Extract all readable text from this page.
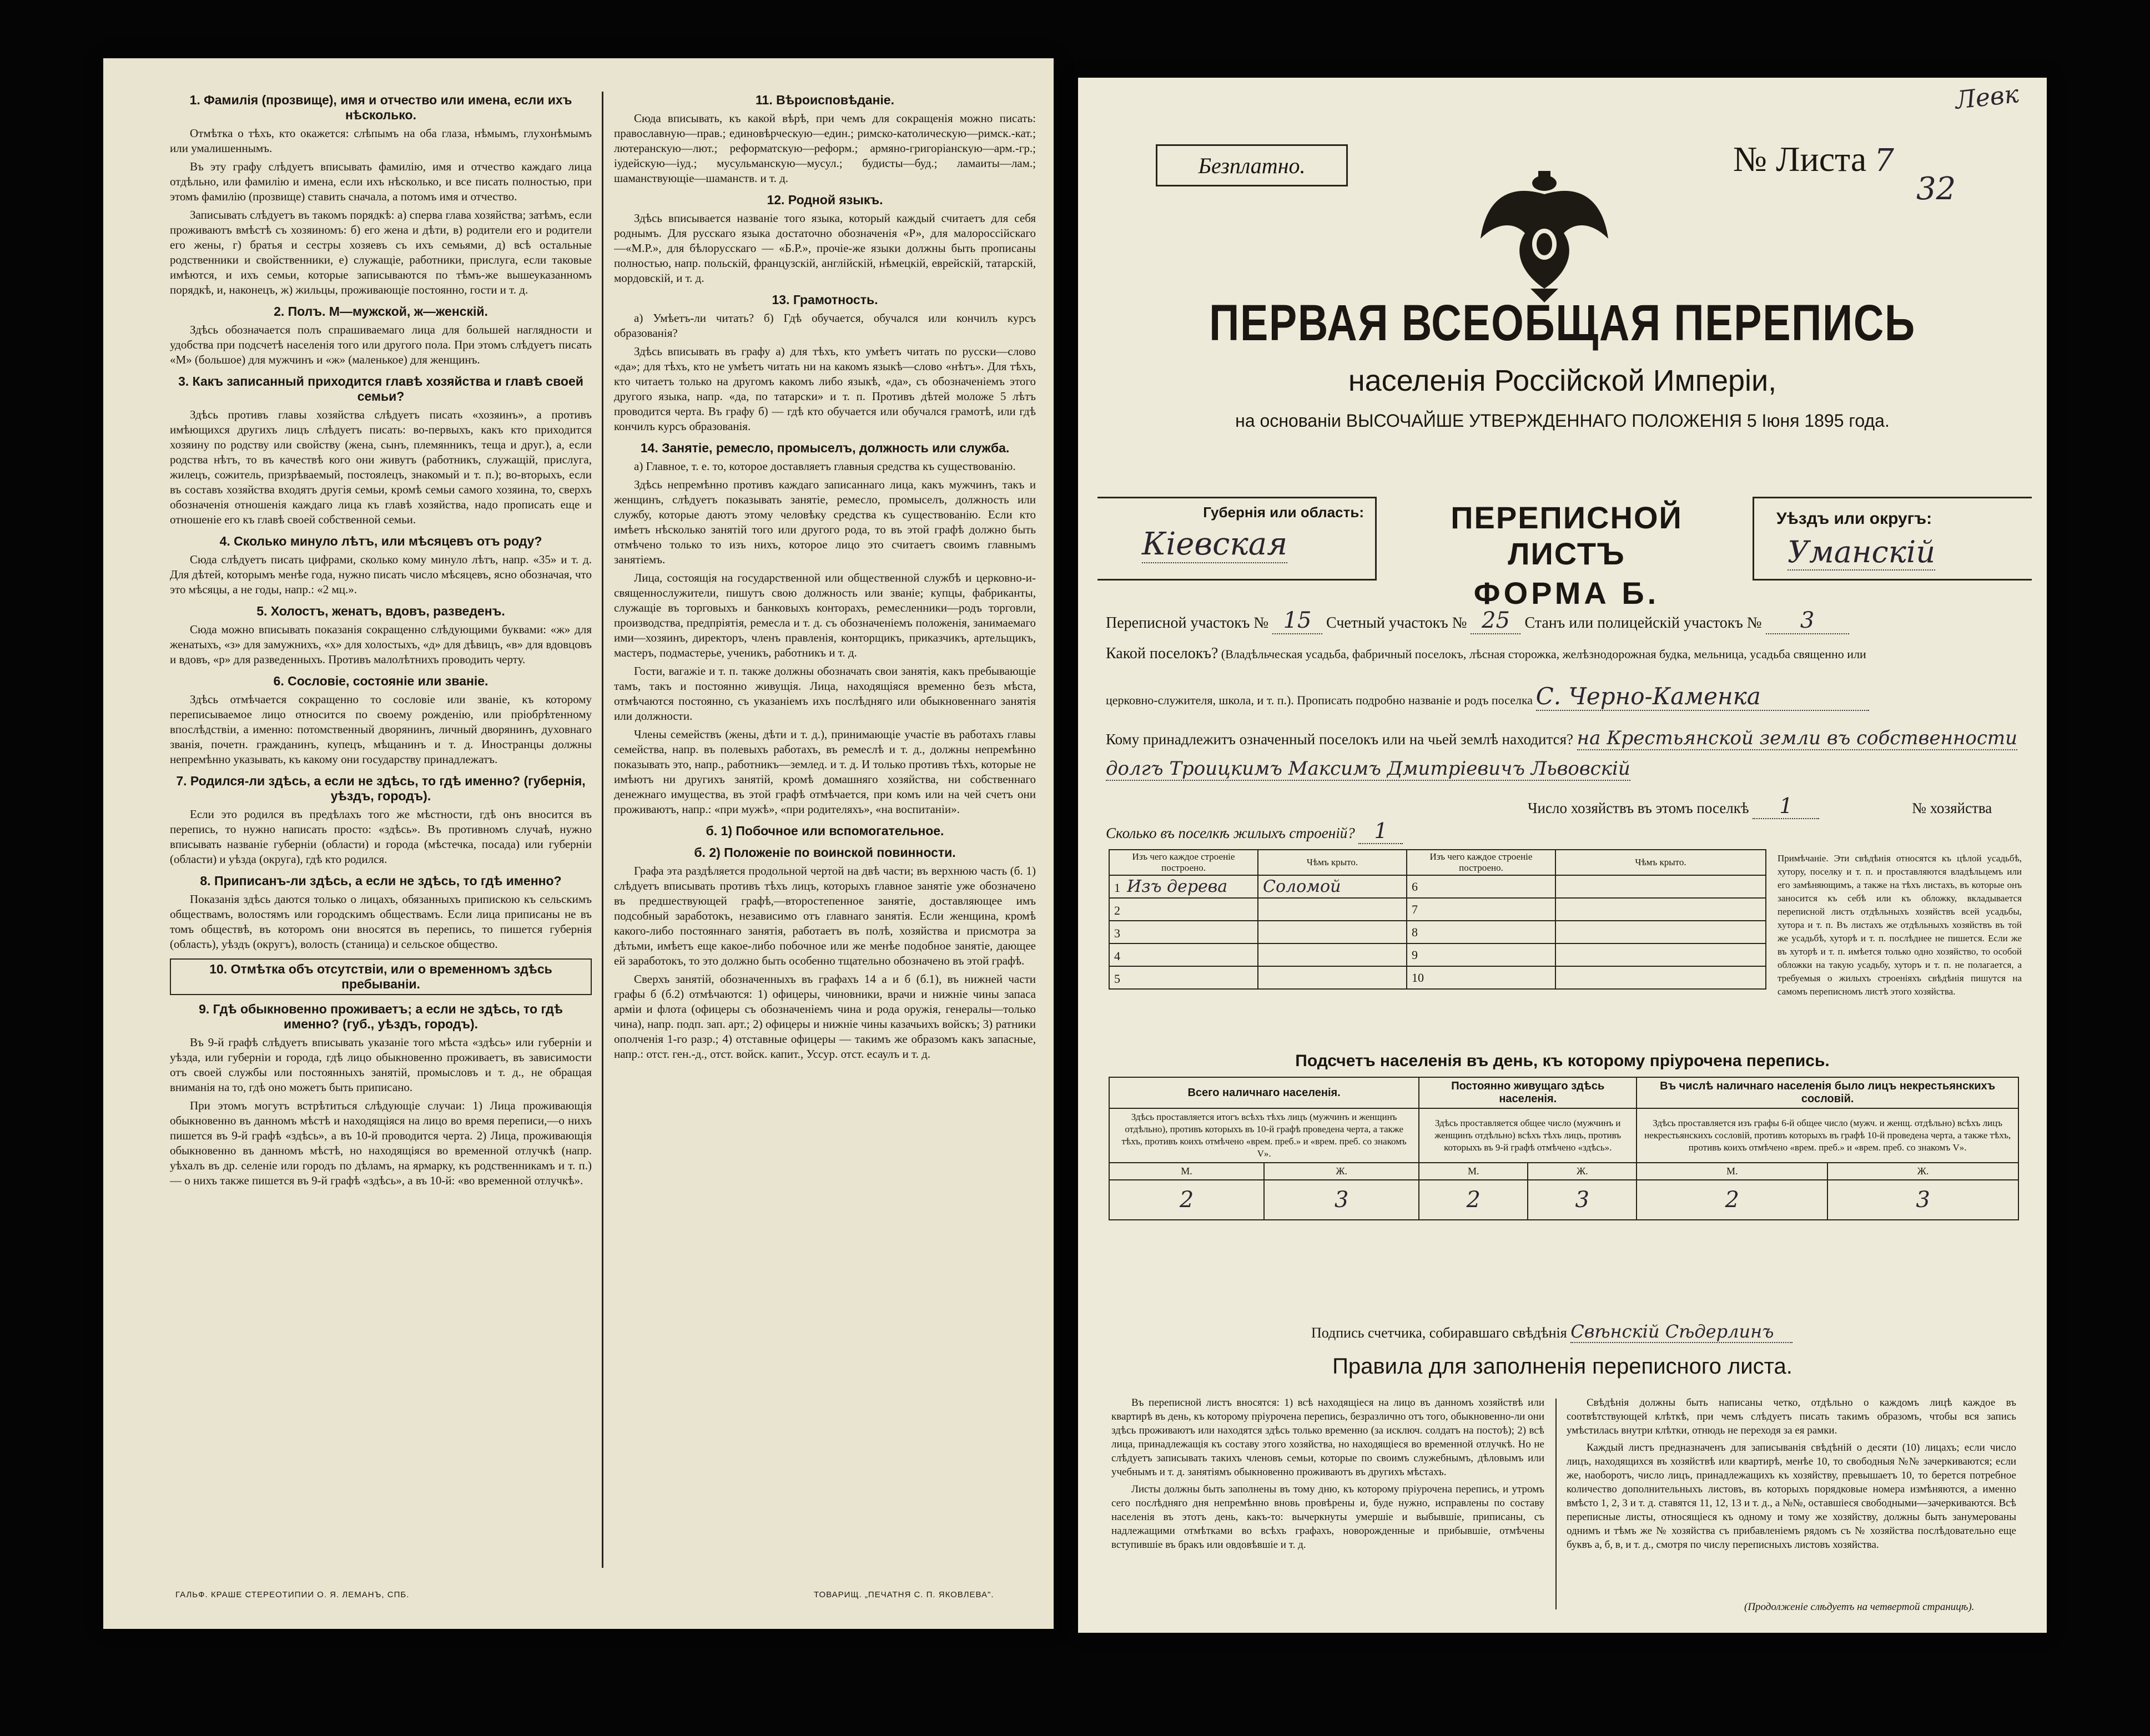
1. Фамилія (прозвище), имя и отчество или имена, если ихъ нѣсколько.

Отмѣтка о тѣхъ, кто окажется: слѣпымъ на оба глаза, нѣмымъ, глухонѣмымъ или умалишеннымъ.

Въ эту графу слѣдуетъ вписывать фамилію, имя и отчество каждаго лица отдѣльно, или фамилію и имена, если ихъ нѣсколько, и все писать полностью, при этомъ фамилію (прозвище) ставить сначала, а потомъ имя и отчество.

Записывать слѣдуетъ въ такомъ порядкѣ: а) сперва глава хозяйства; затѣмъ, если проживаютъ вмѣстѣ съ хозяиномъ: б) его жена и дѣти, в) родители его и родители его жены, г) братья и сестры хозяевъ съ ихъ семьями, д) всѣ остальные родственники и свойственники, е) служащіе, работники, прислуга, если таковые имѣются, и ихъ семьи, которые записываются по тѣмъ-же вышеуказанномъ порядкѣ, и, наконецъ, ж) жильцы, проживающіе постоянно, гости и т. д.

2. Полъ. М—мужской, ж—женскій.

Здѣсь обозначается полъ спрашиваемаго лица для большей наглядности и удобства при подсчетѣ населенія того или другого пола. При этомъ слѣдуетъ писать «М» (большое) для мужчинъ и «ж» (маленькое) для женщинъ.

3. Какъ записанный приходится главѣ хозяйства и главѣ своей семьи?

Здѣсь противъ главы хозяйства слѣдуетъ писать «хозяинъ», а противъ имѣющихся другихъ лицъ слѣдуетъ писать: во-первыхъ, какъ кто приходится хозяину по родству или свойству (жена, сынъ, племянникъ, теща и друг.), а, если родства нѣтъ, то въ качествѣ кого они живутъ (работникъ, служащій, прислуга, жилецъ, сожитель, призрѣваемый, постоялецъ, знакомый и т. п.); во-вторыхъ, если въ составъ хозяйства входятъ другія семьи, кромѣ семьи самого хозяина, то, сверхъ обозначенія отношенія каждаго лица къ главѣ хозяйства, надо прописать еще и отношеніе его къ главѣ своей собственной семьи.

4. Сколько минуло лѣтъ, или мѣсяцевъ отъ роду?

Сюда слѣдуетъ писать цифрами, сколько кому минуло лѣтъ, напр. «35» и т. д. Для дѣтей, которымъ менѣе года, нужно писать число мѣсяцевъ, ясно обозначая, что это мѣсяцы, а не годы, напр.: «2 мц.».

5. Холостъ, женатъ, вдовъ, разведенъ.

Сюда можно вписывать показанія сокращенно слѣдующими буквами: «ж» для женатыхъ, «з» для замужнихъ, «х» для холостыхъ, «д» для дѣвицъ, «в» для вдовцовъ и вдовъ, «р» для разведенныхъ. Противъ малолѣтнихъ проводить черту.

6. Сословіе, состояніе или званіе.

Здѣсь отмѣчается сокращенно то сословіе или званіе, къ которому переписываемое лицо относится по своему рожденію, или пріобрѣтенному впослѣдствіи, а именно: потомственный дворянинъ, личный дворянинъ, духовнаго званія, почетн. гражданинъ, купецъ, мѣщанинъ и т. д. Иностранцы должны непремѣнно указывать, къ какому они государству принадлежатъ.

7. Родился-ли здѣсь, а если не здѣсь, то гдѣ именно? (губернія, уѣздъ, городъ).

Если это родился въ предѣлахъ того же мѣстности, гдѣ онъ вносится въ перепись, то нужно написать просто: «здѣсь». Въ противномъ случаѣ, нужно вписывать названіе губерніи (области) и города (мѣстечка, посада) или губерніи (области) и уѣзда (округа), гдѣ кто родился.

8. Приписанъ-ли здѣсь, а если не здѣсь, то гдѣ именно?

Показанія здѣсь даются только о лицахъ, обязанныхъ припискою къ сельскимъ обществамъ, волостямъ или городскимъ обществамъ. Если лица приписаны не въ томъ обществѣ, въ которомъ они вносятся въ перепись, то пишется губернія (область), уѣздъ (округъ), волость (станица) и сельское общество.

10. Отмѣтка объ отсутствіи, или о временномъ здѣсь пребываніи.
9. Гдѣ обыкновенно проживаетъ; а если не здѣсь, то гдѣ именно? (губ., уѣздъ, городъ).

Въ 9-й графѣ слѣдуетъ вписывать указаніе того мѣста «здѣсь» или губерніи и уѣзда, или губерніи и города, гдѣ лицо обыкновенно проживаетъ, въ зависимости отъ своей службы или постоянныхъ занятій, промысловъ и т. д., не обращая вниманія на то, гдѣ оно можетъ быть приписано.

При этомъ могутъ встрѣтиться слѣдующіе случаи: 1) Лица проживающія обыкновенно въ данномъ мѣстѣ и находящіяся на лицо во время переписи,—о нихъ пишется въ 9-й графѣ «здѣсь», а въ 10-й проводится черта. 2) Лица, проживающія обыкновенно въ данномъ мѣстѣ, но находящіяся во временной отлучкѣ (напр. уѣхалъ въ др. селеніе или городъ по дѣламъ, на ярмарку, къ родственникамъ и т. п.) — о нихъ также пишется въ 9-й графѣ «здѣсь», а въ 10-й: «во временной отлучкѣ».

11. Вѣроисповѣданіе.

Сюда вписывать, къ какой вѣрѣ, при чемъ для сокращенія можно писать: православную—прав.; единовѣрческую—един.; римско-католическую—римск.-кат.; лютеранскую—лют.; реформатскую—реформ.; армяно-григоріанскую—арм.-гр.; іудейскую—іуд.; мусульманскую—мусул.; будисты—буд.; ламаиты—лам.; шаманствующіе—шаманств. и т. д.

12. Родной языкъ.

Здѣсь вписывается названіе того языка, который каждый считаетъ для себя роднымъ. Для русскаго языка достаточно обозначенія «Р», для малороссійскаго—«М.Р.», для бѣлорусскаго — «Б.Р.», прочіе-же языки должны быть прописаны полностью, напр. польскій, французскій, англійскій, нѣмецкій, еврейскій, татарскій, мордовскій, и т. д.

13. Грамотность.

а) Умѣетъ-ли читать? б) Гдѣ обучается, обучался или кончилъ курсъ образованія?

Здѣсь вписывать въ графу а) для тѣхъ, кто умѣетъ читать по русски—слово «да»; для тѣхъ, кто не умѣетъ читать ни на какомъ языкѣ—слово «нѣтъ». Для тѣхъ, кто читаетъ только на другомъ какомъ либо языкѣ, «да», съ обозначеніемъ этого другого языка, напр. «да, по татарски» и т. п. Противъ дѣтей моложе 5 лѣтъ проводится черта. Въ графу б) — гдѣ кто обучается или обучался грамотѣ, или гдѣ кончилъ курсъ образованія.

14. Занятіе, ремесло, промыселъ, должность или служба.

а) Главное, т. е. то, которое доставляетъ главныя средства къ существованію.

Здѣсь непремѣнно противъ каждаго записаннаго лица, какъ мужчинъ, такъ и женщинъ, слѣдуетъ показывать занятіе, ремесло, промыселъ, должность или службу, которые даютъ этому человѣку средства къ существованію. Если кто имѣетъ нѣсколько занятій того или другого рода, то въ этой графѣ должно быть отмѣчено только то изъ нихъ, которое лицо это считаетъ своимъ главнымъ занятіемъ.

Лица, состоящія на государственной или общественной службѣ и церковно-и-священнослужители, пишутъ свою должность или званіе; купцы, фабриканты, служащіе въ торговыхъ и банковыхъ конторахъ, ремесленники—родъ торговли, производства, предпріятія, ремесла и т. д. съ обозначеніемъ положенія, занимаемаго ими—хозяинъ, директоръ, членъ правленія, конторщикъ, приказчикъ, артельщикъ, мастеръ, подмастерье, ученикъ, работникъ и т. д.

Гости, вагажіе и т. п. также должны обозначать свои занятія, какъ пребывающіе тамъ, такъ и постоянно живущія. Лица, находящіяся временно безъ мѣста, отмѣчаются постоянно, съ указаніемъ ихъ послѣдняго или обыкновеннаго занятія или должности.

Члены семействъ (жены, дѣти и т. д.), принимающіе участіе въ работахъ главы семейства, напр. въ полевыхъ работахъ, въ ремеслѣ и т. д., должны непремѣнно показывать это, напр., работникъ—землед. и т. д. И только противъ тѣхъ, которые не имѣютъ ни другихъ занятій, кромѣ домашняго хозяйства, ни собственнаго денежнаго имущества, въ этой графѣ отмѣчается, при комъ или на чей счетъ они проживаютъ, напр.: «при мужѣ», «при родителяхъ», «на воспитаніи».

б. 1) Побочное или вспомогательное.
б. 2) Положеніе по воинской повинности.

Графа эта раздѣляется продольной чертой на двѣ части; въ верхнюю часть (б. 1) слѣдуетъ вписывать противъ тѣхъ лицъ, которыхъ главное занятіе уже обозначено въ предшествующей графѣ,—второстепенное занятіе, доставляющее имъ подсобный заработокъ, независимо отъ главнаго занятія. Если женщина, кромѣ какого-либо постояннаго занятія, работаетъ въ полѣ, хозяйства и присмотра за дѣтьми, имѣетъ еще какое-либо побочное или же менѣе подобное занятіе, дающее ей заработокъ, то это должно быть особенно тщательно обозначено въ этой графѣ.

Сверхъ занятій, обозначенныхъ въ графахъ 14 а и б (б.1), въ нижней части графы б (б.2) отмѣчаются: 1) офицеры, чиновники, врачи и нижніе чины запаса армiи и флота (офицеры съ обозначеніемъ чина и рода оружія, генералы—только чина), напр. подп. зап. арт.; 2) офицеры и нижніе чины казачьихъ войскъ; 3) ратники ополченія 1-го разр.; 4) отставные офицеры — такимъ же образомъ какъ запасные, напр.: отст. ген.-д., отст. войск. капит., Уссур. отст. есаулъ и т. д.

ГАЛЬФ. КРАШЕ СТЕРЕОТИПИИ О. Я. ЛЕМАНЪ, СПБ.	ТОВАРИЩ. „ПЕЧАТНЯ С. П. ЯКОВЛЕВА".
Левк
Безплатно.	№ Листа 7
32
ПЕРВАЯ ВСЕОБЩАЯ ПЕРЕПИСЬ
населенія Россійской Имперіи,
на основаніи ВЫСОЧАЙШЕ УТВЕРЖДЕННАГО ПОЛОЖЕНІЯ 5 Іюня 1895 года.
Губернія или область:
Кіевская
ПЕРЕПИСНОЙ ЛИСТЪ
ФОРМА Б.
Уѣздъ или округъ:
Уманскій
Переписной участокъ № 15 Счетный участокъ № 25 Станъ или полицейскій участокъ № 3
Какой поселокъ? (Владѣльческая усадьба, фабричный поселокъ, лѣсная сторожка, желѣзнодорожная будка, мельница, усадьба священно или
церковно-служителя, школа, и т. п.). Прописать подробно названіе и родъ поселка С. Черно-Каменка
Кому принадлежитъ означенный поселокъ или на чьей землѣ находится? на Крестьянской земли въ собственности
долгъ Троицкимъ Максимъ Дмитріевичъ Львовскій
Число хозяйствъ въ этомъ поселкѣ 1	№ хозяйства
Сколько въ поселкѣ жилыхъ строеній? 1
Изъ чего каждое строеніе построено.	Чѣмъ крыто.	Изъ чего каждое строеніе построено.	Чѣмъ крыто.
1 Изъ дерева	Соломой	6	
2		7	
3		8	
4		9	
5		10	
Примѣчаніе. Эти свѣдѣнія относятся къ цѣлой усадьбѣ, хутору, поселку и т. п. и проставляются владѣльцемъ или его замѣняющимъ, а также на тѣхъ листахъ, въ которые онъ заносится къ себѣ или къ обложку, вкладывается переписной листъ отдѣльныхъ хозяйствъ всей усадьбы, хутора и т. п. Въ листахъ же отдѣльныхъ хозяйствъ въ той же усадьбѣ, хуторѣ и т. п. послѣднее не пишется. Если же въ хуторѣ и т. п. имѣется только одно хозяйство, то особой обложки на такую усадьбу, хуторъ и т. п. не полагается, а требуемыя о жилыхъ строеніяхъ свѣдѣнія пишутся на самомъ переписномъ листѣ этого хозяйства.
Подсчетъ населенія въ день, къ которому пріурочена перепись.
Всего наличнаго населенія.		Постоянно живущаго здѣсь населенія.		Въ числѣ наличнаго населенія было лицъ некрестьянскихъ сословій.	
Здѣсь проставляется итогъ всѣхъ тѣхъ лицъ (мужчинъ и женщинъ отдѣльно), противъ которыхъ въ 10-й графѣ проведена черта, а также тѣхъ, противъ коихъ отмѣчено «врем. преб.» и «врем. преб. со знакомъ V».		Здѣсь проставляется общее число (мужчинъ и женщинъ отдѣльно) всѣхъ тѣхъ лицъ, противъ которыхъ въ 9-й графѣ отмѣчено «здѣсь».		Здѣсь проставляется изъ графы 6-й общее число (мужч. и женщ. отдѣльно) всѣхъ лицъ некрестьянскихъ сословій, противъ которыхъ въ графѣ 10-й проведена черта, а также тѣхъ, противъ коихъ отмѣчено «врем. преб.» и «врем. преб. со знакомъ V».	
М.	Ж.	М.	Ж.	М.	Ж.
2	3	2	3	2	3
Подпись счетчика, собиравшаго свѣдѣнія Свѣнскій Сѣдерлинъ
Правила для заполненія переписного листа.

Въ переписной листъ вносятся: 1) всѣ находящіеся на лицо въ данномъ хозяйствѣ или квартирѣ въ день, къ которому пріурочена перепись, безразлично отъ того, обыкновенно-ли они здѣсь проживаютъ или находятся здѣсь только временно (за исключ. солдатъ на постоѣ); 2) всѣ лица, принадлежащія къ составу этого хозяйства, но находящіеся во временной отлучкѣ. Но не слѣдуетъ записывать такихъ членовъ семьи, которые по своимъ служебнымъ, дѣловымъ или учебнымъ и т. д. занятіямъ обыкновенно проживаютъ въ другихъ мѣстахъ.

Листы должны быть заполнены въ тому дню, къ которому пріурочена перепись, и утромъ сего послѣдняго дня непремѣнно вновь провѣрены и, буде нужно, исправлены по составу населенія въ этотъ день, какъ-то: вычеркнуты умершіе и выбывшіе, приписаны, съ надлежащими отмѣтками во всѣхъ графахъ, новорожденные и прибывшіе, отмѣчены вступившіе въ бракъ или овдовѣвшіе и т. д.

Свѣдѣнія должны быть написаны четко, отдѣльно о каждомъ лицѣ каждое въ соотвѣтствующей клѣткѣ, при чемъ слѣдуетъ писать такимъ образомъ, чтобы вся запись умѣстилась внутри клѣтки, отнюдь не переходя за ея рамки.

Каждый листъ предназначенъ для записыванія свѣдѣній о десяти (10) лицахъ; если число лицъ, находящихся въ хозяйствѣ или квартирѣ, менѣе 10, то свободныя №№ зачеркиваются; если же, наоборотъ, число лицъ, принадлежащихъ къ хозяйству, превышаетъ 10, то берется потребное количество дополнительныхъ листовъ, въ которыхъ порядковые номера измѣняются, а именно вмѣсто 1, 2, 3 и т. д. ставятся 11, 12, 13 и т. д., а №№, оставшіеся свободными—зачеркиваются. Всѣ переписные листы, относящіеся къ одному и тому же хозяйству, должны быть занумерованы однимъ и тѣмъ же № хозяйства съ прибавленіемъ рядомъ съ № хозяйства послѣдовательно еще буквъ а, б, в, и т. д., смотря по числу переписныхъ листовъ хозяйства.

(Продолженіе слѣдуетъ на четвертой страницѣ).
